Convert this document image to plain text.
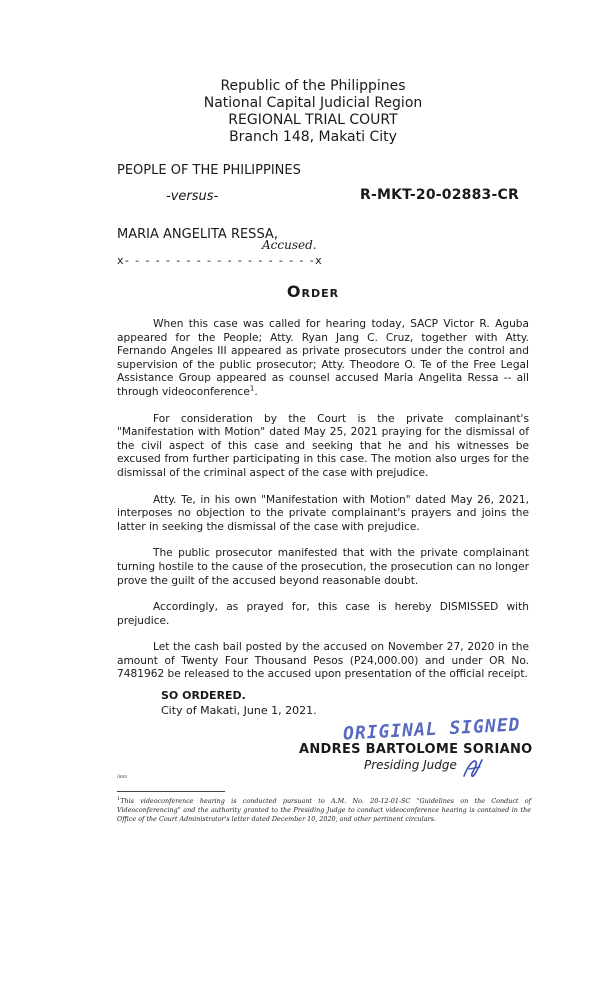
Republic of the Philippines
National Capital Judicial Region
REGIONAL TRIAL COURT
Branch 148, Makati City
PEOPLE OF THE PHILIPPINES
-versus-	R-MKT-20-02883-CR
MARIA ANGELITA RESSA,
Accused.
x- - - - - - - - - - - - - - - - - - -x
Order

When this case was called for hearing today, SACP Victor R. Aguba appeared for the People; Atty. Ryan Jang C. Cruz, together with Atty. Fernando Angeles III appeared as private prosecutors under the control and supervision of the public prosecutor; Atty. Theodore O. Te of the Free Legal Assistance Group appeared as counsel accused Maria Angelita Ressa -- all through videoconference$^1$.

For consideration by the Court is the private complainant's "Manifestation with Motion" dated May 25, 2021 praying for the dismissal of the civil aspect of this case and seeking that he and his witnesses be excused from further participating in this case. The motion also urges for the dismissal of the criminal aspect of the case with prejudice.

Atty. Te, in his own "Manifestation with Motion" dated May 26, 2021, interposes no objection to the private complainant's prayers and joins the latter in seeking the dismissal of the case with prejudice.

The public prosecutor manifested that with the private complainant turning hostile to the cause of the prosecution, the prosecution can no longer prove the guilt of the accused beyond reasonable doubt.

Accordingly, as prayed for, this case is hereby DISMISSED with prejudice.

Let the cash bail posted by the accused on November 27, 2020 in the amount of Twenty Four Thousand Pesos (P24,000.00) and under OR No. 7481962 be released to the accused upon presentation of the official receipt.

SO ORDERED.
City of Makati, June 1, 2021.
ORIGINAL SIGNED
ANDRES BARTOLOME SORIANO
Presiding Judge
/ass
$^1$This videoconference hearing is conducted pursuant to A.M. No. 20-12-01-SC "Guidelines on the Conduct of Videoconferencing" and the authority granted to the Presiding Judge to conduct videoconference hearing is contained in the Office of the Court Administrator's letter dated December 10, 2020, and other pertinent circulars.
